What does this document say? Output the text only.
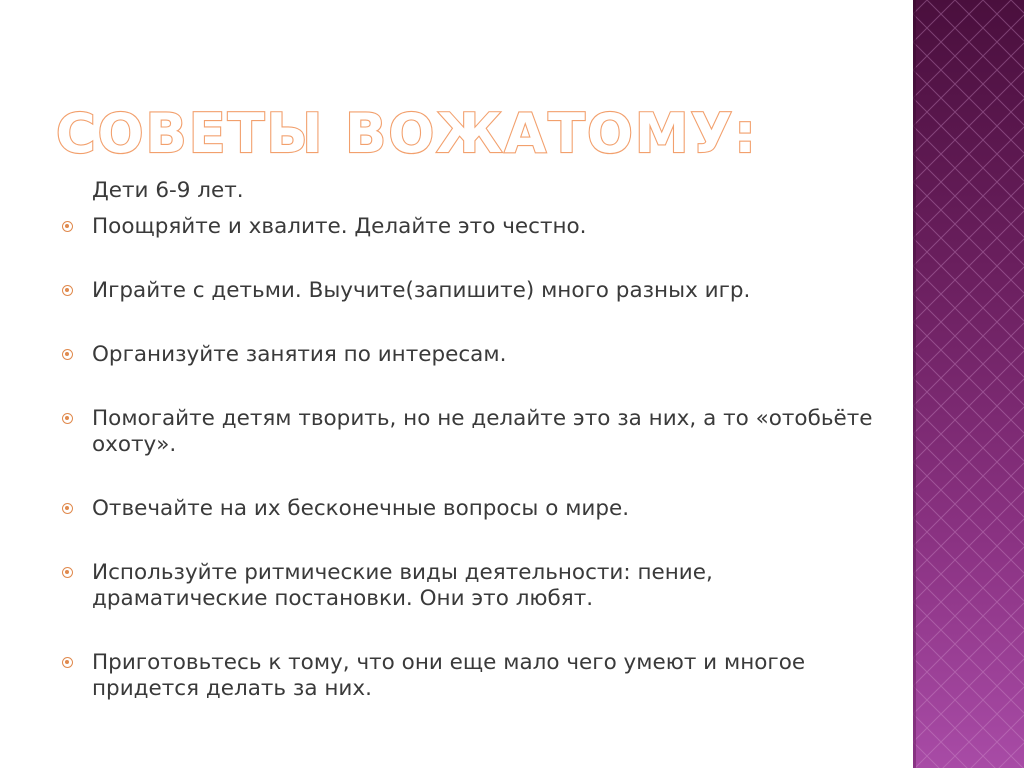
СОВЕТЫ ВОЖАТОМУ:
Дети 6-9 лет.
Поощряйте и хвалите. Делайте это честно.
Играйте с детьми. Выучите(запишите) много разных игр.
Организуйте занятия по интересам.
Помогайте детям творить, но не делайте это за них, а то «отобьёте охоту».
Отвечайте на их бесконечные вопросы о мире.
Используйте ритмические виды деятельности: пение, драматические постановки. Они это любят.
Приготовьтесь к тому, что они еще мало чего умеют и многое придется делать за них.
